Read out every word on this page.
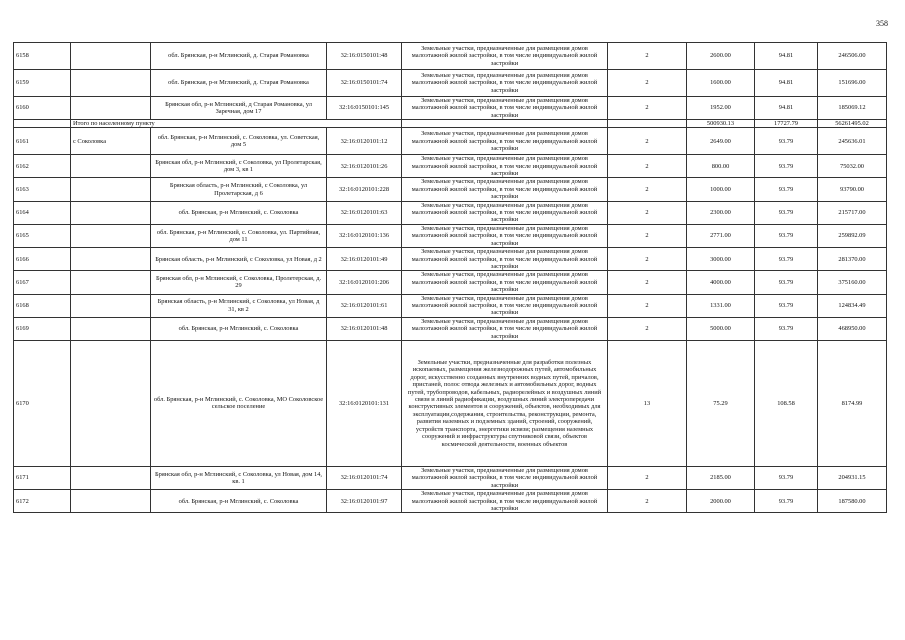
358
6158		обл. Брянская, р-н Мглинский, д. Старая Романовка	32:16:0150101:48	Земельные участки, предназначенные для размещения домов малоэтажной жилой застройки, в том числе индивидуальной жилой застройки	2	2600.00	94.81	246506.00
6159		обл. Брянская, р-н Мглинский, д. Старая Романовка	32:16:0150101:74	Земельные участки, предназначенные для размещения домов малоэтажной жилой застройки, в том числе индивидуальной жилой застройки	2	1600.00	94.81	151696.00
6160		Брянская обл, р-н Мглинский, д Старая Романовка, ул Заречная, дом 17	32:16:0150101:145	Земельные участки, предназначенные для размещения домов малоэтажной жилой застройки, в том числе индивидуальной жилой застройки	2	1952.00	94.81	185069.12
	Итого по населенному пункту					500930.13	17727.79	56261495.02
6161	с Соколовка	обл. Брянская, р-н Мглинский, с. Соколовка, ул. Советская, дом 5	32:16:0120101:12	Земельные участки, предназначенные для размещения домов малоэтажной жилой застройки, в том числе индивидуальной жилой застройки	2	2649.00	93.79	245636.01
6162		Брянская обл, р-н Мглинский, с Соколовка, ул Пролетарская, дом 3, кв 1	32:16:0120101:26	Земельные участки, предназначенные для размещения домов малоэтажной жилой застройки, в том числе индивидуальной жилой застройки	2	800.00	93.79	75032.00
6163		Брянская область, р-н Мглинский, с Соколовка, ул Пролетарская, д 6	32:16:0120101:228	Земельные участки, предназначенные для размещения домов малоэтажной жилой застройки, в том числе индивидуальной жилой застройки	2	1000.00	93.79	93790.00
6164		обл. Брянская, р-н Мглинский, с. Соколовка	32:16:0120101:63	Земельные участки, предназначенные для размещения домов малоэтажной жилой застройки, в том числе индивидуальной жилой застройки	2	2300.00	93.79	215717.00
6165		обл. Брянская, р-н Мглинский, с. Соколовка, ул. Партийная, дом 11	32:16:0120101:136	Земельные участки, предназначенные для размещения домов малоэтажной жилой застройки, в том числе индивидуальной жилой застройки	2	2771.00	93.79	259892.09
6166		Брянская область, р-н Мглинский, с Соколовка, ул Новая, д 2	32:16:0120101:49	Земельные участки, предназначенные для размещения домов малоэтажной жилой застройки, в том числе индивидуальной жилой застройки	2	3000.00	93.79	281370.00
6167		Брянская обл, р-н Мглинский, с Соколовка, Пролетерская, д. 29	32:16:0120101:206	Земельные участки, предназначенные для размещения домов малоэтажной жилой застройки, в том числе индивидуальной жилой застройки	2	4000.00	93.79	375160.00
6168		Брянская область, р-н Мглинский, с Соколовка, ул Новая, д 31, кв 2	32:16:0120101:61	Земельные участки, предназначенные для размещения домов малоэтажной жилой застройки, в том числе индивидуальной жилой застройки	2	1331.00	93.79	124834.49
6169		обл. Брянская, р-н Мглинский, с. Соколовка	32:16:0120101:48	Земельные участки, предназначенные для размещения домов малоэтажной жилой застройки, в том числе индивидуальной жилой застройки	2	5000.00	93.79	468950.00
6170		обл. Брянская, р-н Мглинский, с. Соколовка, МО Соколовское сельское поселение	32:16:0120101:131	Земельные участки, предназначенные для разработки полезных ископаемых, размещения железнодорожных путей, автомобильных дорог, искусственно созданных внутренних водных путей, причалов, пристаней, полос отвода железных и автомобильных дорог, водных путей, трубопроводов, кабельных, радиорелейных и воздушных линий связи и линий радиофикации, воздушных линий электропередачи конструктивных элементов и сооружений, объектов, необходимых для эксплуатации,содержания, строительства, реконструкции, ремонта, развития наземных и подземных зданий, строений, сооружений, устройств транспорта, энергетики исвязи; размещения наземных сооружений и инфраструктуры спутниковой связи, объектов космической деятельности, военных объектов	13	75.29	108.58	8174.99
6171		Брянская обл, р-н Мглинский, с Соколовка, ул Новая, дом 14, кв. 1	32:16:0120101:74	Земельные участки, предназначенные для размещения домов малоэтажной жилой застройки, в том числе индивидуальной жилой застройки	2	2185.00	93.79	204931.15
6172		обл. Брянская, р-н Мглинский, с. Соколовка	32:16:0120101:97	Земельные участки, предназначенные для размещения домов малоэтажной жилой застройки, в том числе индивидуальной жилой застройки	2	2000.00	93.79	187580.00
